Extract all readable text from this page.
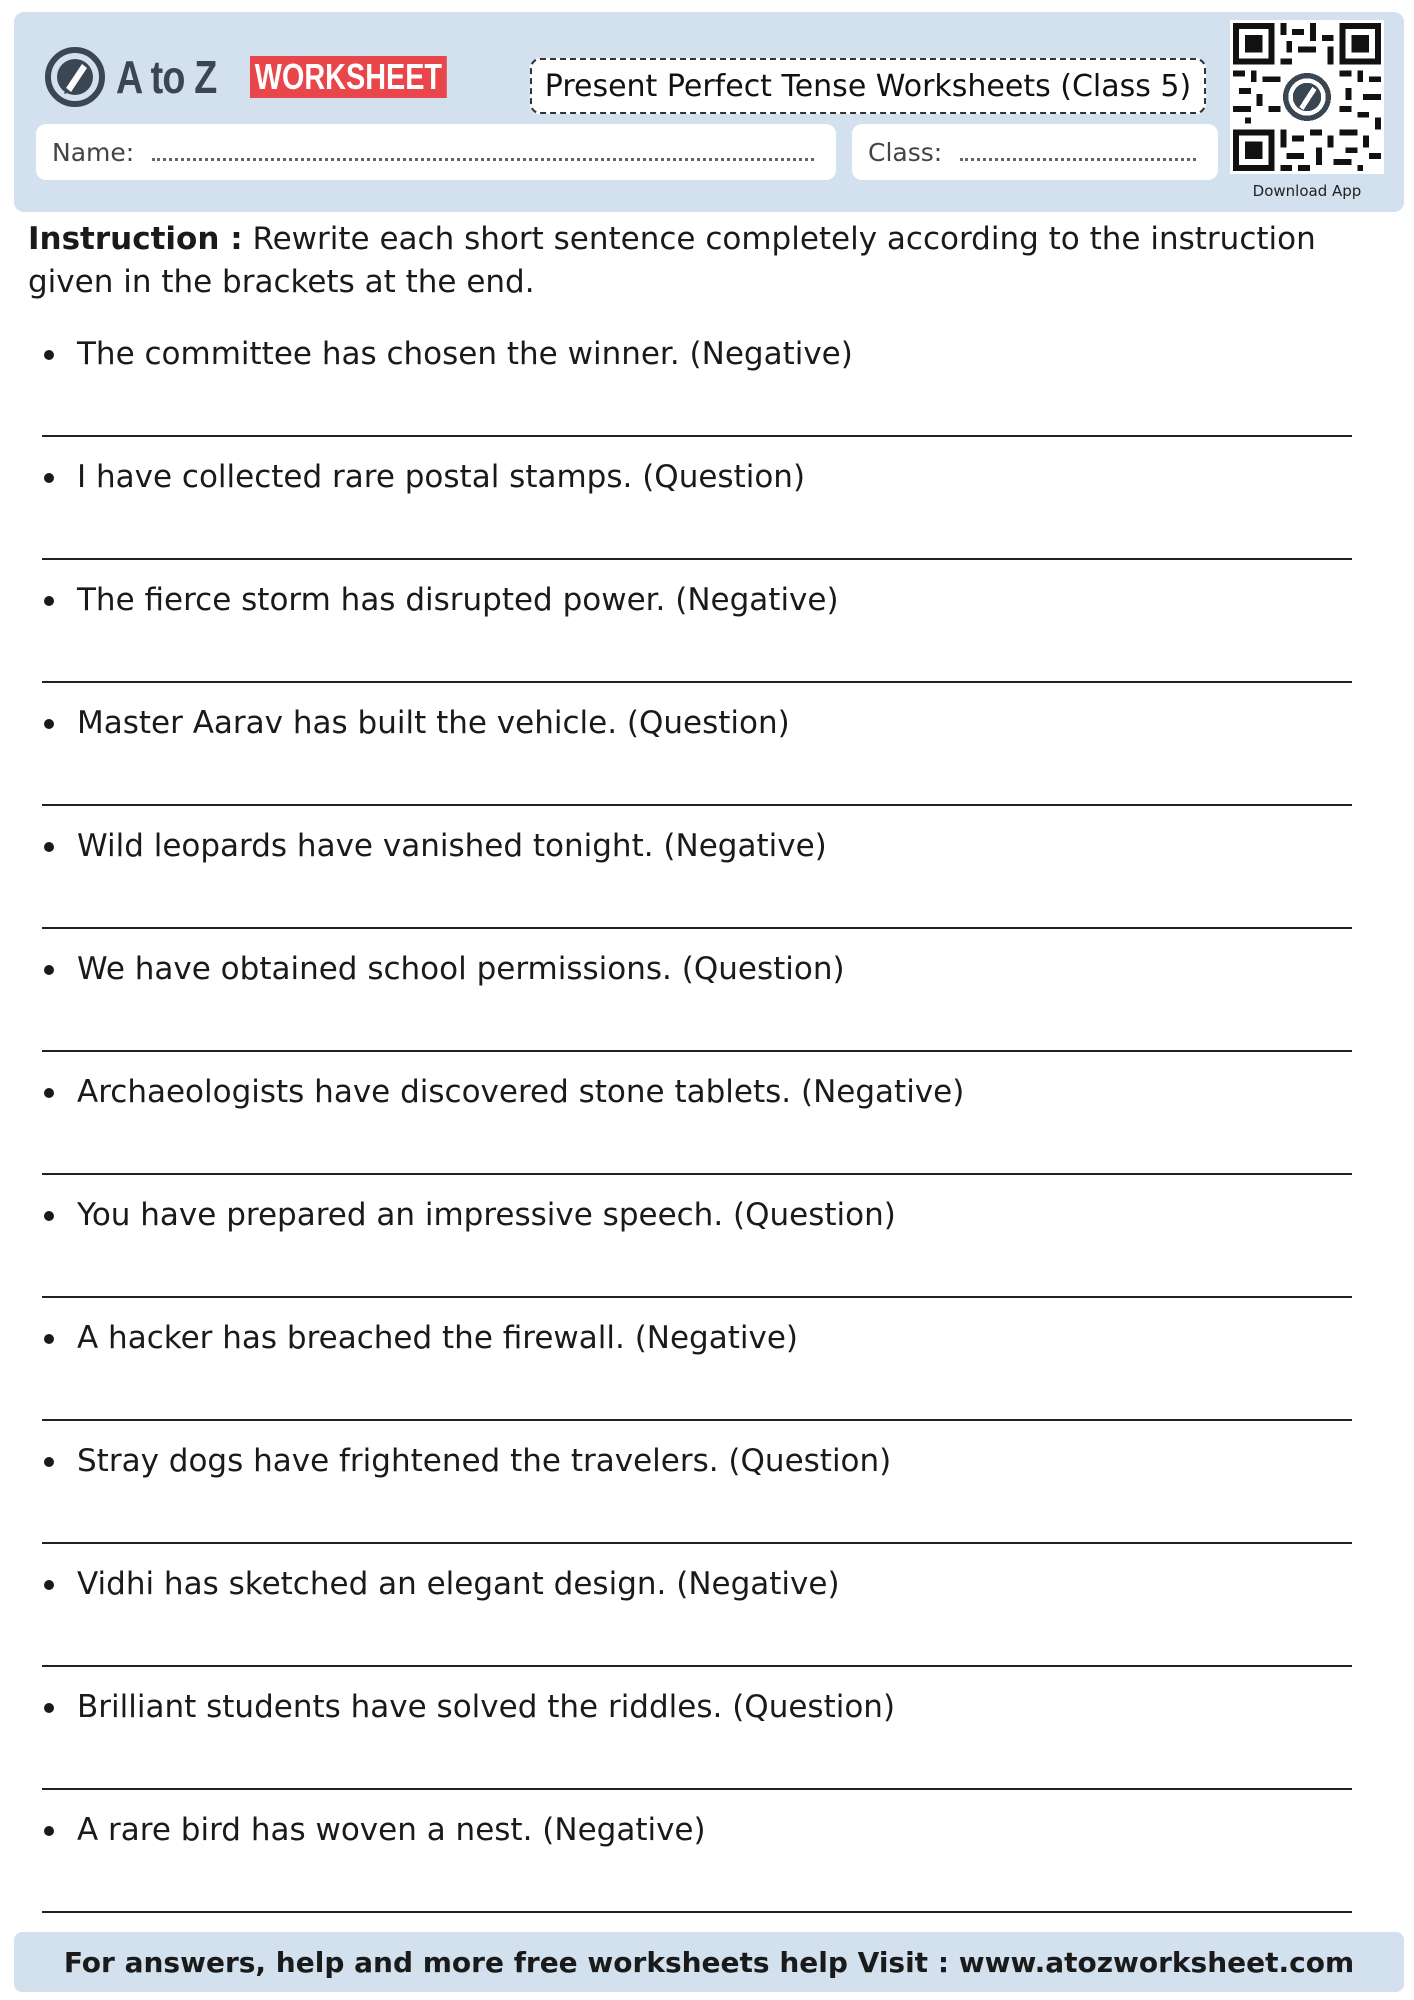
A to Z WORKSHEET	Present Perfect Tense Worksheets (Class 5)
Name:	Class:
Download App
Instruction : Rewrite each short sentence completely according to the instruction given in the brackets at the end.
The committee has chosen the winner. (Negative)
I have collected rare postal stamps. (Question)
The fierce storm has disrupted power. (Negative)
Master Aarav has built the vehicle. (Question)
Wild leopards have vanished tonight. (Negative)
We have obtained school permissions. (Question)
Archaeologists have discovered stone tablets. (Negative)
You have prepared an impressive speech. (Question)
A hacker has breached the firewall. (Negative)
Stray dogs have frightened the travelers. (Question)
Vidhi has sketched an elegant design. (Negative)
Brilliant students have solved the riddles. (Question)
A rare bird has woven a nest. (Negative)
For answers, help and more free worksheets help Visit : www.atozworksheet.com
